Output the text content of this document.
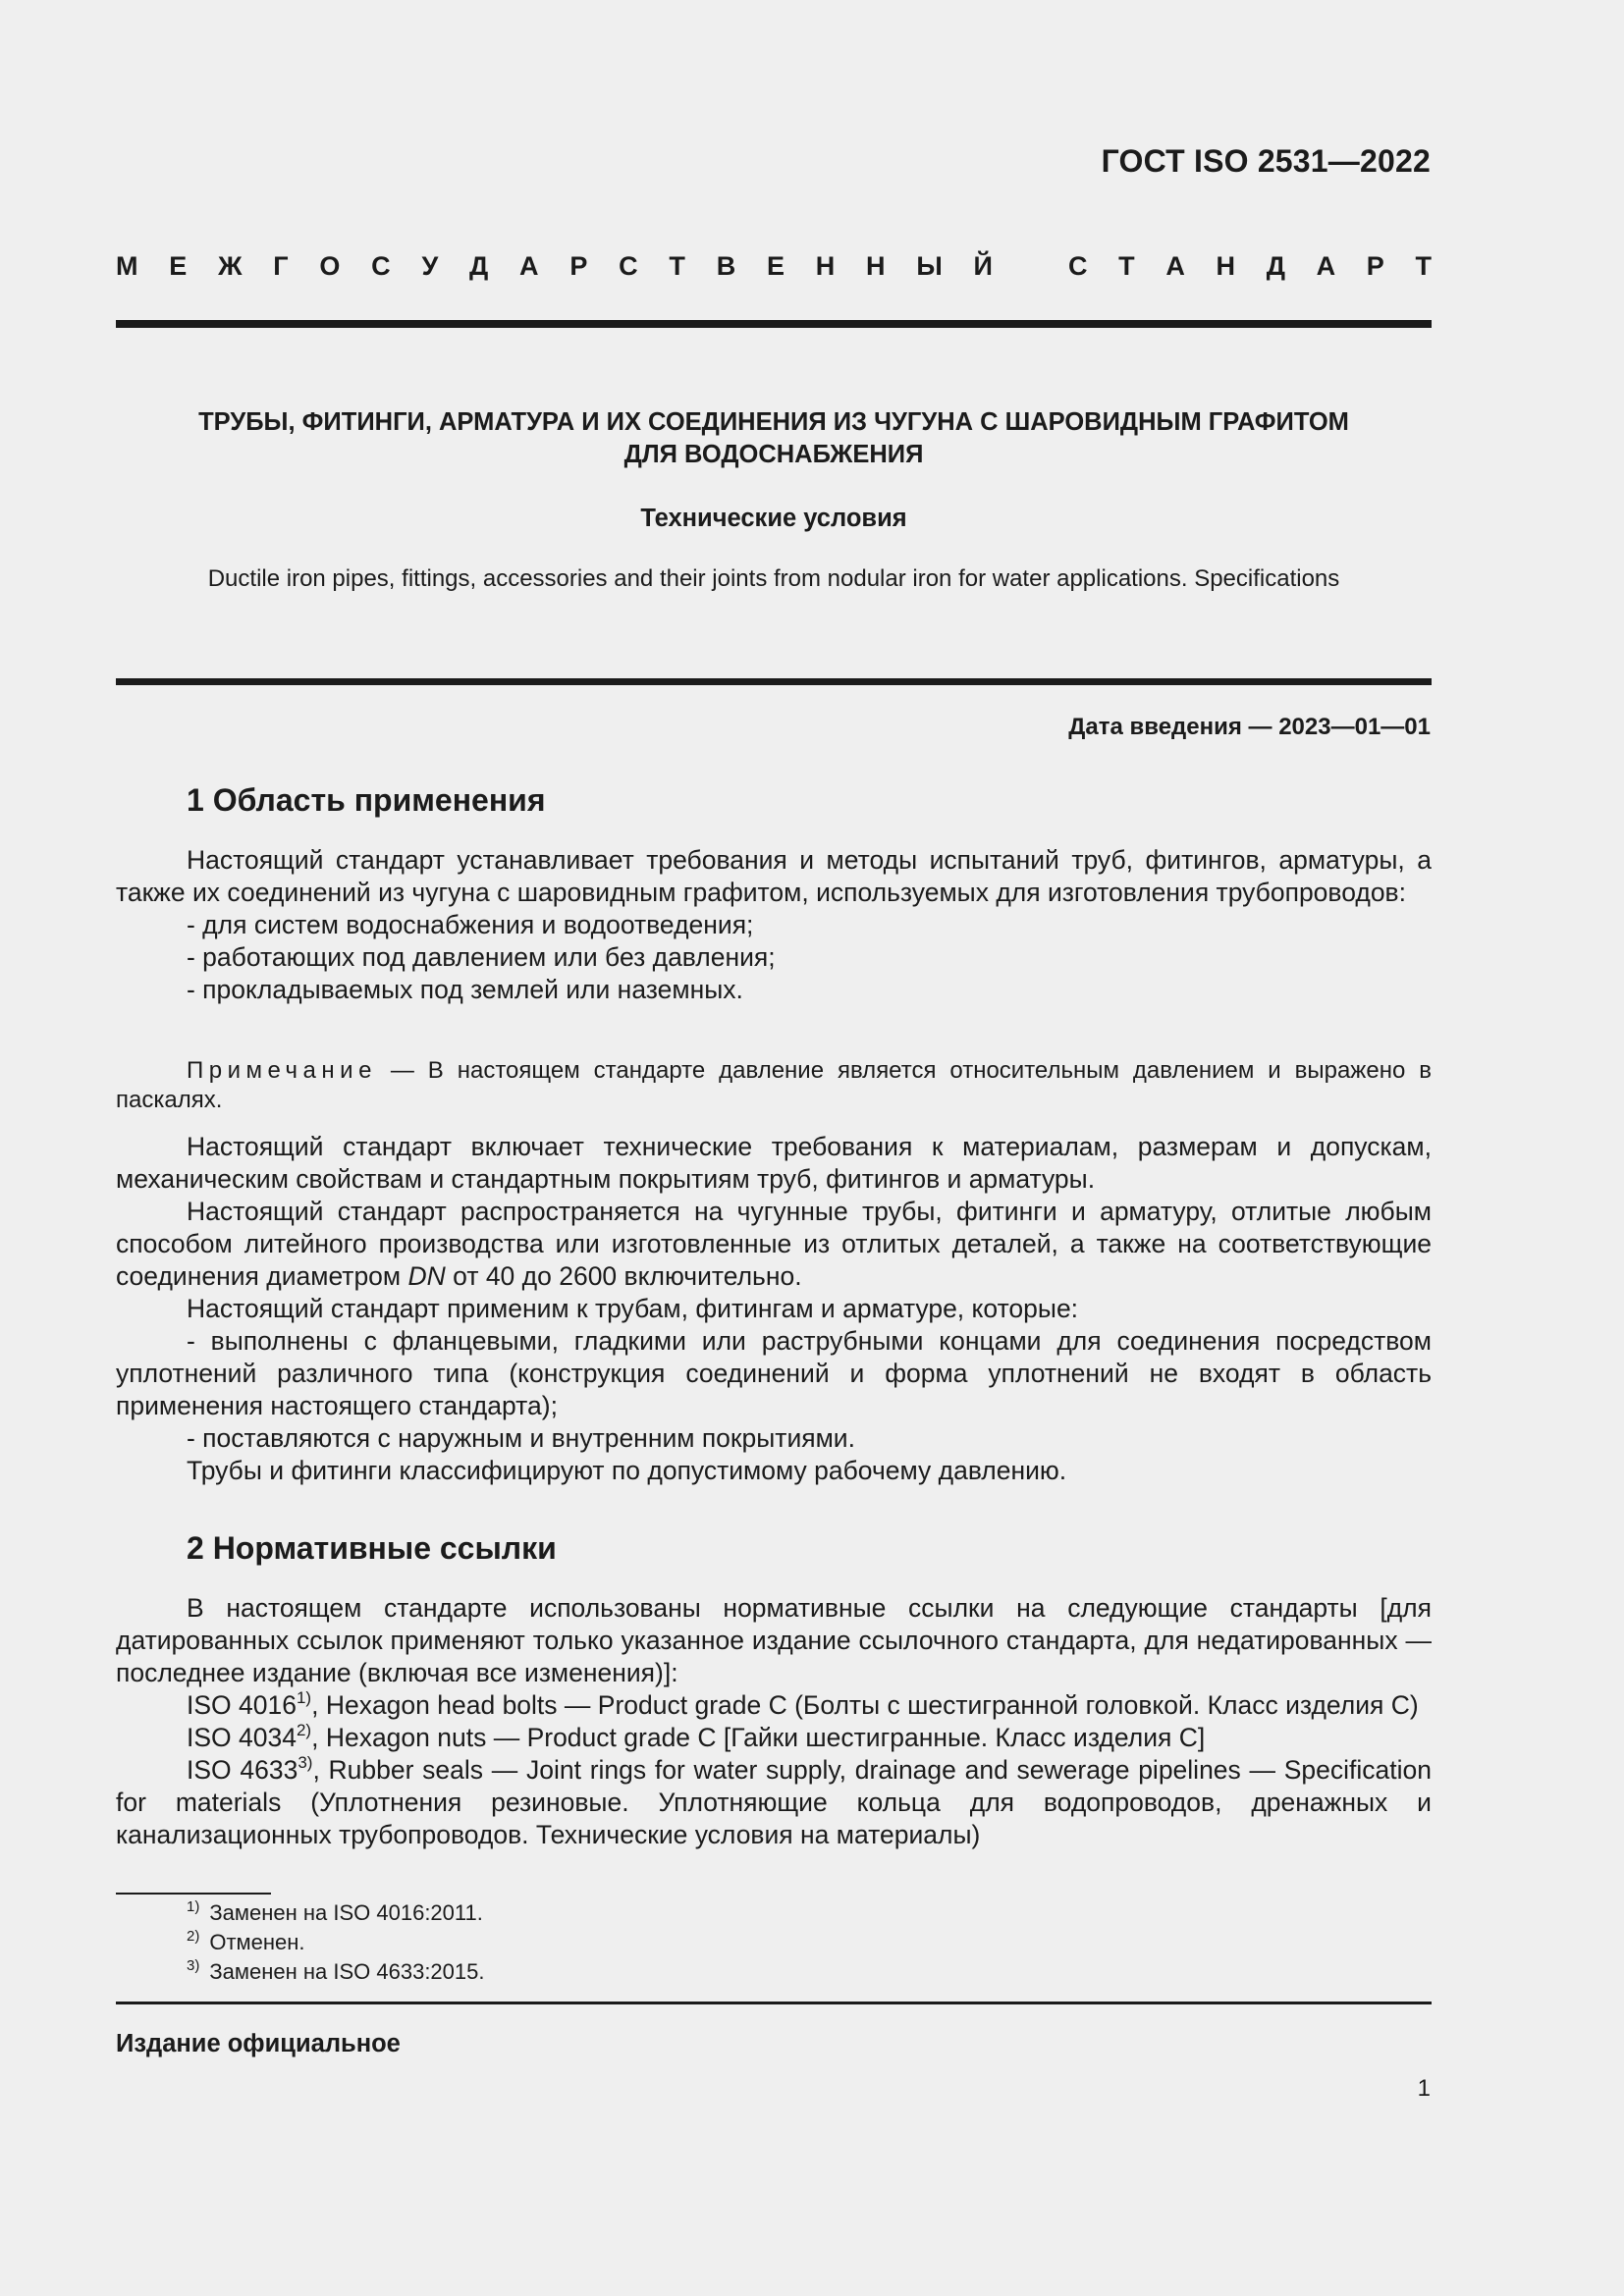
ГОСТ ISO 2531—2022
М Е Ж Г О С У Д А Р С Т В Е Н Н Ы Й	С Т А Н Д А Р Т
ТРУБЫ, ФИТИНГИ, АРМАТУРА И ИХ СОЕДИНЕНИЯ ИЗ ЧУГУНА С ШАРОВИДНЫМ ГРАФИТОМ
ДЛЯ ВОДОСНАБЖЕНИЯ
Технические условия
Ductile iron pipes, fittings, accessories and their joints from nodular iron for water applications. Specifications
Дата введения — 2023—01—01
1 Область применения

Настоящий стандарт устанавливает требования и методы испытаний труб, фитингов, арматуры, а также их соединений из чугуна с шаровидным графитом, используемых для изготовления трубопроводов:

- для систем водоснабжения и водоотведения;

- работающих под давлением или без давления;

- прокладываемых под землей или наземных.

Примечание — В настоящем стандарте давление является относительным давлением и выражено в паскалях.

Настоящий стандарт включает технические требования к материалам, размерам и допускам, механическим свойствам и стандартным покрытиям труб, фитингов и арматуры.

Настоящий стандарт распространяется на чугунные трубы, фитинги и арматуру, отлитые любым способом литейного производства или изготовленные из отлитых деталей, а также на соответствующие соединения диаметром DN от 40 до 2600 включительно.

Настоящий стандарт применим к трубам, фитингам и арматуре, которые:

- выполнены с фланцевыми, гладкими или раструбными концами для соединения посредством уплотнений различного типа (конструкция соединений и форма уплотнений не входят в область применения настоящего стандарта);

- поставляются с наружным и внутренним покрытиями.

Трубы и фитинги классифицируют по допустимому рабочему давлению.

2 Нормативные ссылки

В настоящем стандарте использованы нормативные ссылки на следующие стандарты [для датированных ссылок применяют только указанное издание ссылочного стандарта, для недатированных — последнее издание (включая все изменения)]:

ISO 4016$^{1)}$, Hexagon head bolts — Product grade C (Болты с шестигранной головкой. Класс изделия С)

ISO 4034$^{2)}$, Hexagon nuts — Product grade C [Гайки шестигранные. Класс изделия С]

ISO 4633$^{3)}$, Rubber seals — Joint rings for water supply, drainage and sewerage pipelines — Specification for materials (Уплотнения резиновые. Уплотняющие кольца для водопроводов, дренажных и канализационных трубопроводов. Технические условия на материалы)

$^{1)}$ Заменен на ISO 4016:2011.
$^{2)}$ Отменен.
$^{3)}$ Заменен на ISO 4633:2015.
Издание официальное
1
